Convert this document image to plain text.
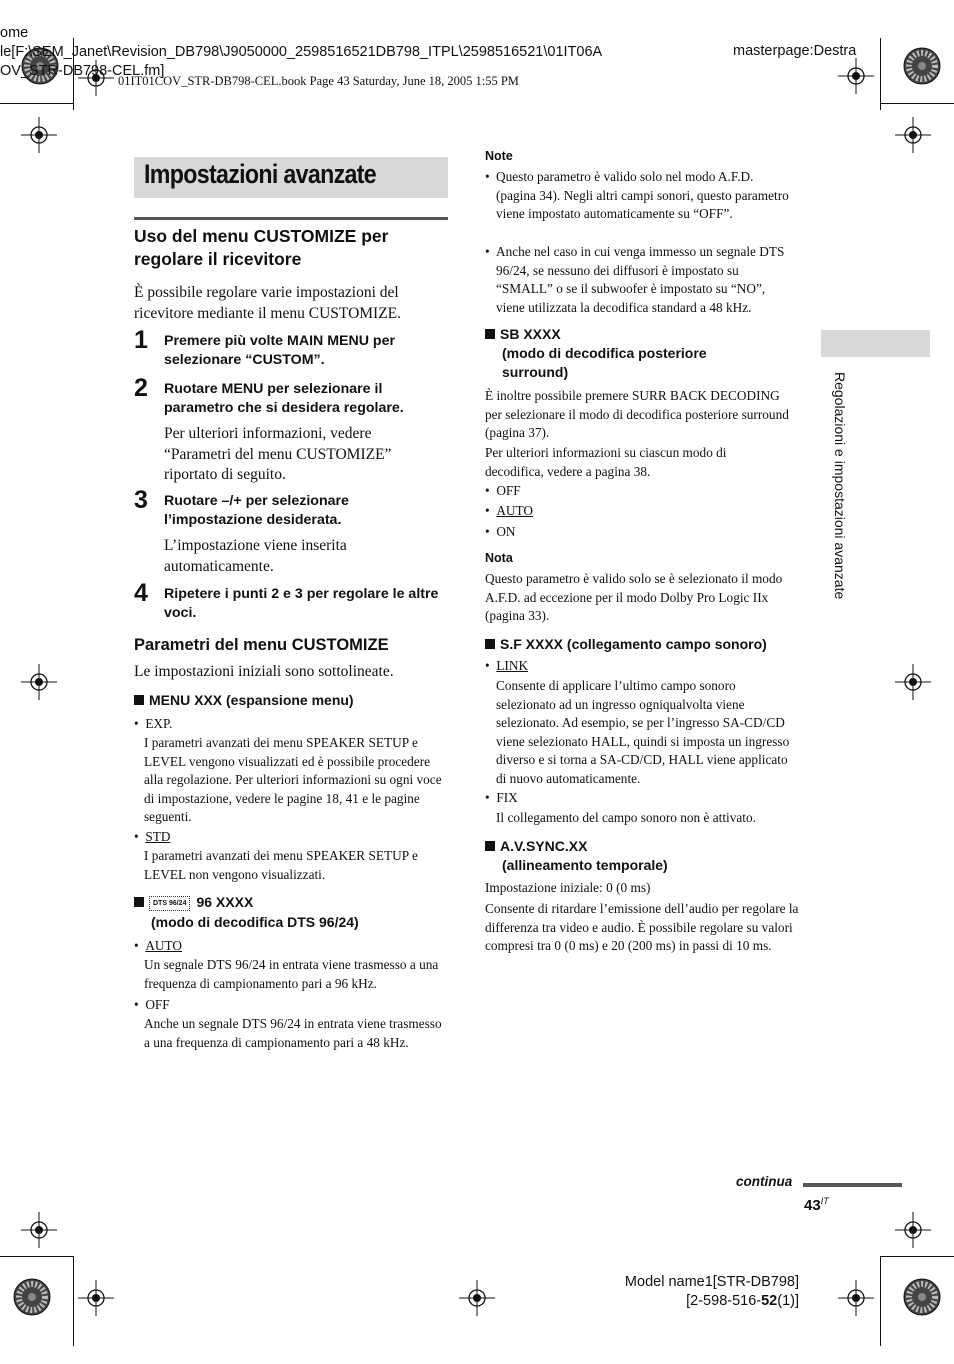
ome
le[F:\SEM_Janet\Revision_DB798\J9050000_2598516521DB798_ITPL\2598516521\01IT06A
OV_STR-DB798-CEL.fm]
masterpage:Destra
01IT01COV_STR-DB798-CEL.book Page 43 Saturday, June 18, 2005 1:55 PM
Impostazioni avanzate
Uso del menu CUSTOMIZE per regolare il ricevitore
È possibile regolare varie impostazioni del ricevitore mediante il menu CUSTOMIZE.
1 Premere più volte MAIN MENU per selezionare “CUSTOM”.
2 Ruotare MENU per selezionare il parametro che si desidera regolare.
Per ulteriori informazioni, vedere “Parametri del menu CUSTOMIZE” riportato di seguito.
3 Ruotare –/+ per selezionare l’impostazione desiderata.
L’impostazione viene inserita automaticamente.
4 Ripetere i punti 2 e 3 per regolare le altre voci.
Parametri del menu CUSTOMIZE
Le impostazioni iniziali sono sottolineate.
MENU XXX (espansione menu)
•  EXP.
I parametri avanzati dei menu SPEAKER SETUP e LEVEL vengono visualizzati ed è possibile procedere alla regolazione. Per ulteriori informazioni su ogni voce di impostazione, vedere le pagine 18, 41 e le pagine seguenti.
•  STD
I parametri avanzati dei menu SPEAKER SETUP e LEVEL non vengono visualizzati.
DTS 96/24 96 XXXX
(modo di decodifica DTS 96/24)
•  AUTO
Un segnale DTS 96/24 in entrata viene trasmesso a una frequenza di campionamento pari a 96 kHz.
•  OFF
Anche un segnale DTS 96/24 in entrata viene trasmesso a una frequenza di campionamento pari a 48 kHz.
Note
• Questo parametro è valido solo nel modo A.F.D. (pagina 34). Negli altri campi sonori, questo parametro viene impostato automaticamente su “OFF”.
• Anche nel caso in cui venga immesso un segnale DTS 96/24, se nessuno dei diffusori è impostato su “SMALL” o se il subwoofer è impostato su “NO”, viene utilizzata la decodifica standard a 48 kHz.
SB XXXX
(modo di decodifica posteriore surround)
È inoltre possibile premere SURR BACK DECODING per selezionare il modo di decodifica posteriore surround (pagina 37).
Per ulteriori informazioni su ciascun modo di decodifica, vedere a pagina 38.
•  OFF
•  AUTO
•  ON
Nota
Questo parametro è valido solo se è selezionato il modo A.F.D. ad eccezione per il modo Dolby Pro Logic IIx (pagina 33).
S.F XXXX (collegamento campo sonoro)
•  LINK
Consente di applicare l’ultimo campo sonoro selezionato ad un ingresso ogniqualvolta viene selezionato. Ad esempio, se per l’ingresso SA-CD/CD viene selezionato HALL, quindi si imposta un ingresso diverso e si torna a SA-CD/CD, HALL viene applicato di nuovo automaticamente.
•  FIX
Il collegamento del campo sonoro non è attivato.
A.V.SYNC.XX
(allineamento temporale)
Impostazione iniziale: 0 (0 ms)
Consente di ritardare l’emissione dell’audio per regolare la differenza tra video e audio. È possibile regolare su valori compresi tra 0 (0 ms) e 20 (200 ms) in passi di 10 ms.
Regolazioni e impostazioni avanzate
continua
$43^{IT}$
Model name1[STR-DB798]
[2-598-516-52(1)]
